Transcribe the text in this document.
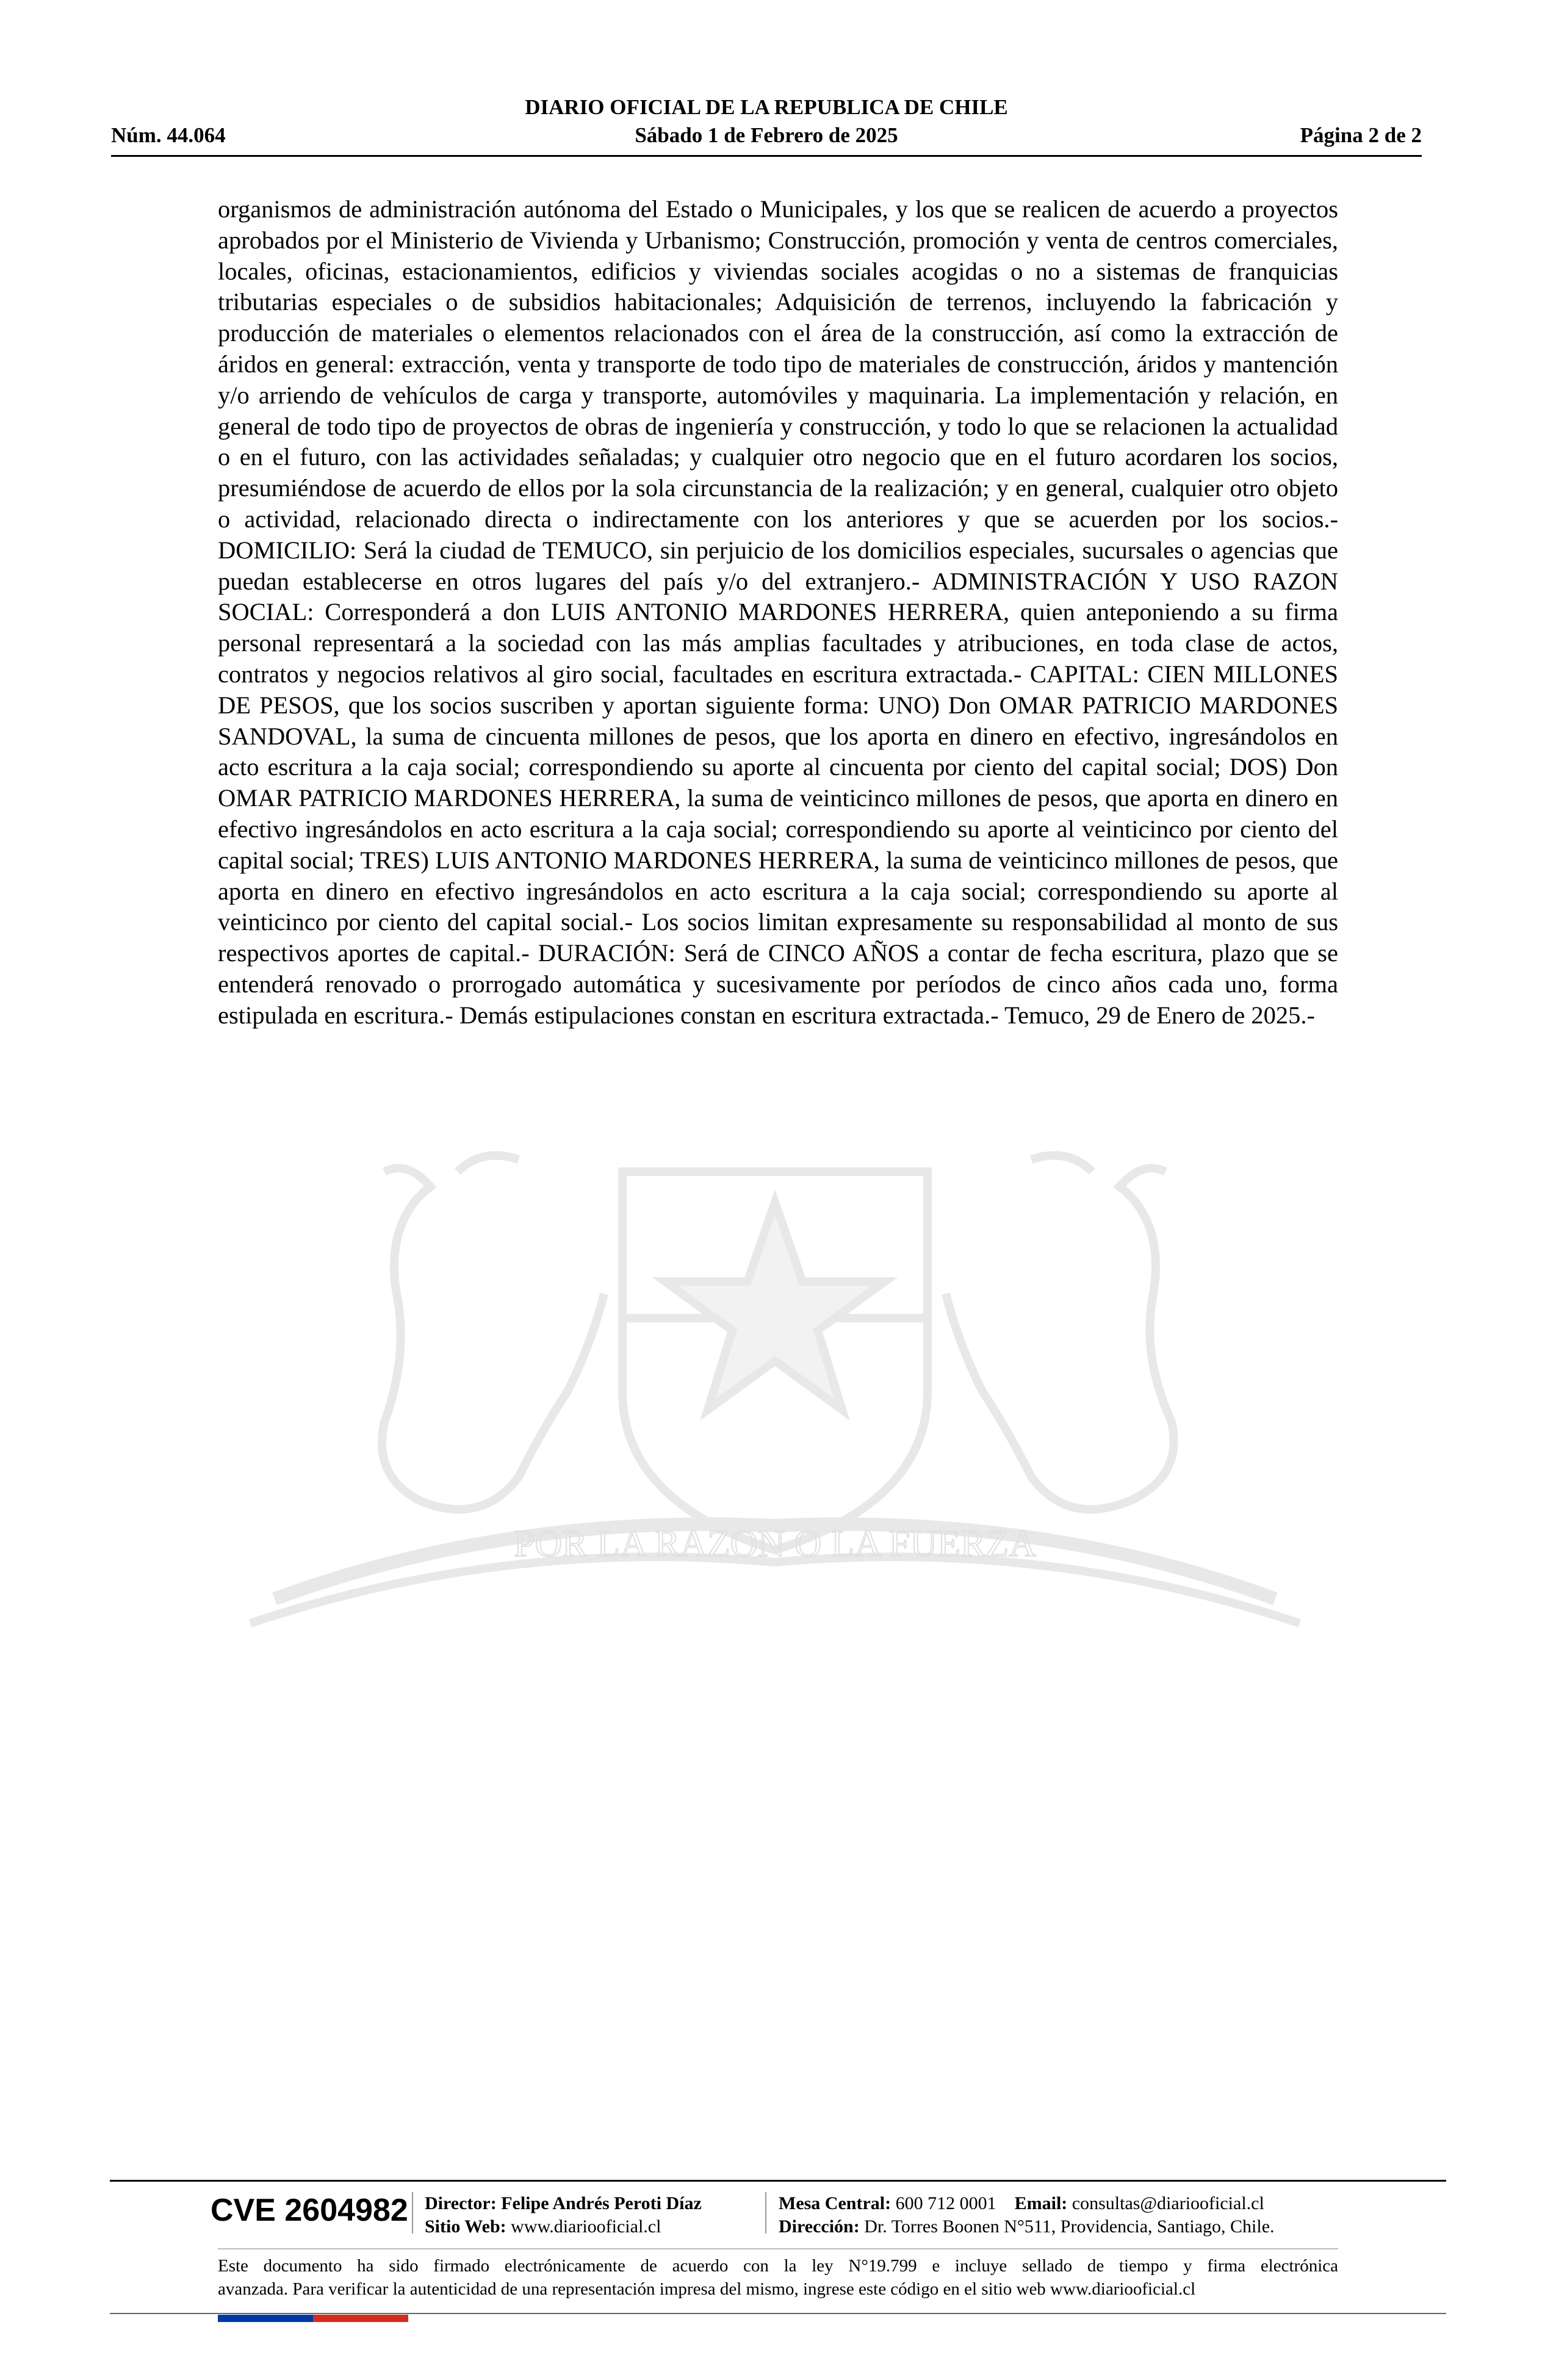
DIARIO OFICIAL DE LA REPUBLICA DE CHILE
Núm. 44.064	Sábado 1 de Febrero de 2025	Página 2 de 2
POR LA RAZON O LA FUERZA
organismos de administración autónoma del Estado o Municipales, y los que se realicen de acuerdo a proyectos aprobados por el Ministerio de Vivienda y Urbanismo; Construcción, promoción y venta de centros comerciales, locales, oficinas, estacionamientos, edificios y viviendas sociales acogidas o no a sistemas de franquicias tributarias especiales o de subsidios habitacionales; Adquisición de terrenos, incluyendo la fabricación y producción de materiales o elementos relacionados con el área de la construcción, así como la extracción de áridos en general: extracción, venta y transporte de todo tipo de materiales de construcción, áridos y mantención y/o arriendo de vehículos de carga y transporte, automóviles y maquinaria. La implementación y relación, en general de todo tipo de proyectos de obras de ingeniería y construcción, y todo lo que se relacionen la actualidad o en el futuro, con las actividades señaladas; y cualquier otro negocio que en el futuro acordaren los socios, presumiéndose de acuerdo de ellos por la sola circunstancia de la realización; y en general, cualquier otro objeto o actividad, relacionado directa o indirectamente con los anteriores y que se acuerden por los socios.- DOMICILIO: Será la ciudad de TEMUCO, sin perjuicio de los domicilios especiales, sucursales o agencias que puedan establecerse en otros lugares del país y/o del extranjero.- ADMINISTRACIÓN Y USO RAZON SOCIAL: Corresponderá a don LUIS ANTONIO MARDONES HERRERA, quien anteponiendo a su firma personal representará a la sociedad con las más amplias facultades y atribuciones, en toda clase de actos, contratos y negocios relativos al giro social, facultades en escritura extractada.- CAPITAL: CIEN MILLONES DE PESOS, que los socios suscriben y aportan siguiente forma: UNO) Don OMAR PATRICIO MARDONES SANDOVAL, la suma de cincuenta millones de pesos, que los aporta en dinero en efectivo, ingresándolos en acto escritura a la caja social; correspondiendo su aporte al cincuenta por ciento del capital social; DOS) Don OMAR PATRICIO MARDONES HERRERA, la suma de veinticinco millones de pesos, que aporta en dinero en efectivo ingresándolos en acto escritura a la caja social; correspondiendo su aporte al veinticinco por ciento del capital social; TRES) LUIS ANTONIO MARDONES HERRERA, la suma de veinticinco millones de pesos, que aporta en dinero en efectivo ingresándolos en acto escritura a la caja social; correspondiendo su aporte al veinticinco por ciento del capital social.- Los socios limitan expresamente su responsabilidad al monto de sus respectivos aportes de capital.- DURACIÓN: Será de CINCO AÑOS a contar de fecha escritura, plazo que se entenderá renovado o prorrogado automática y sucesivamente por períodos de cinco años cada uno, forma estipulada en escritura.- Demás estipulaciones constan en escritura extractada.- Temuco, 29 de Enero de 2025.-
CVE 2604982 Director: Felipe Andrés Peroti Díaz
Sitio Web: www.diariooficial.cl
Mesa Central: 600 712 0001 Email: consultas@diariooficial.cl
Dirección: Dr. Torres Boonen N°511, Providencia, Santiago, Chile.
Este documento ha sido firmado electrónicamente de acuerdo con la ley N°19.799 e incluye sellado de tiempo y firma electrónica
avanzada. Para verificar la autenticidad de una representación impresa del mismo, ingrese este código en el sitio web www.diariooficial.cl
